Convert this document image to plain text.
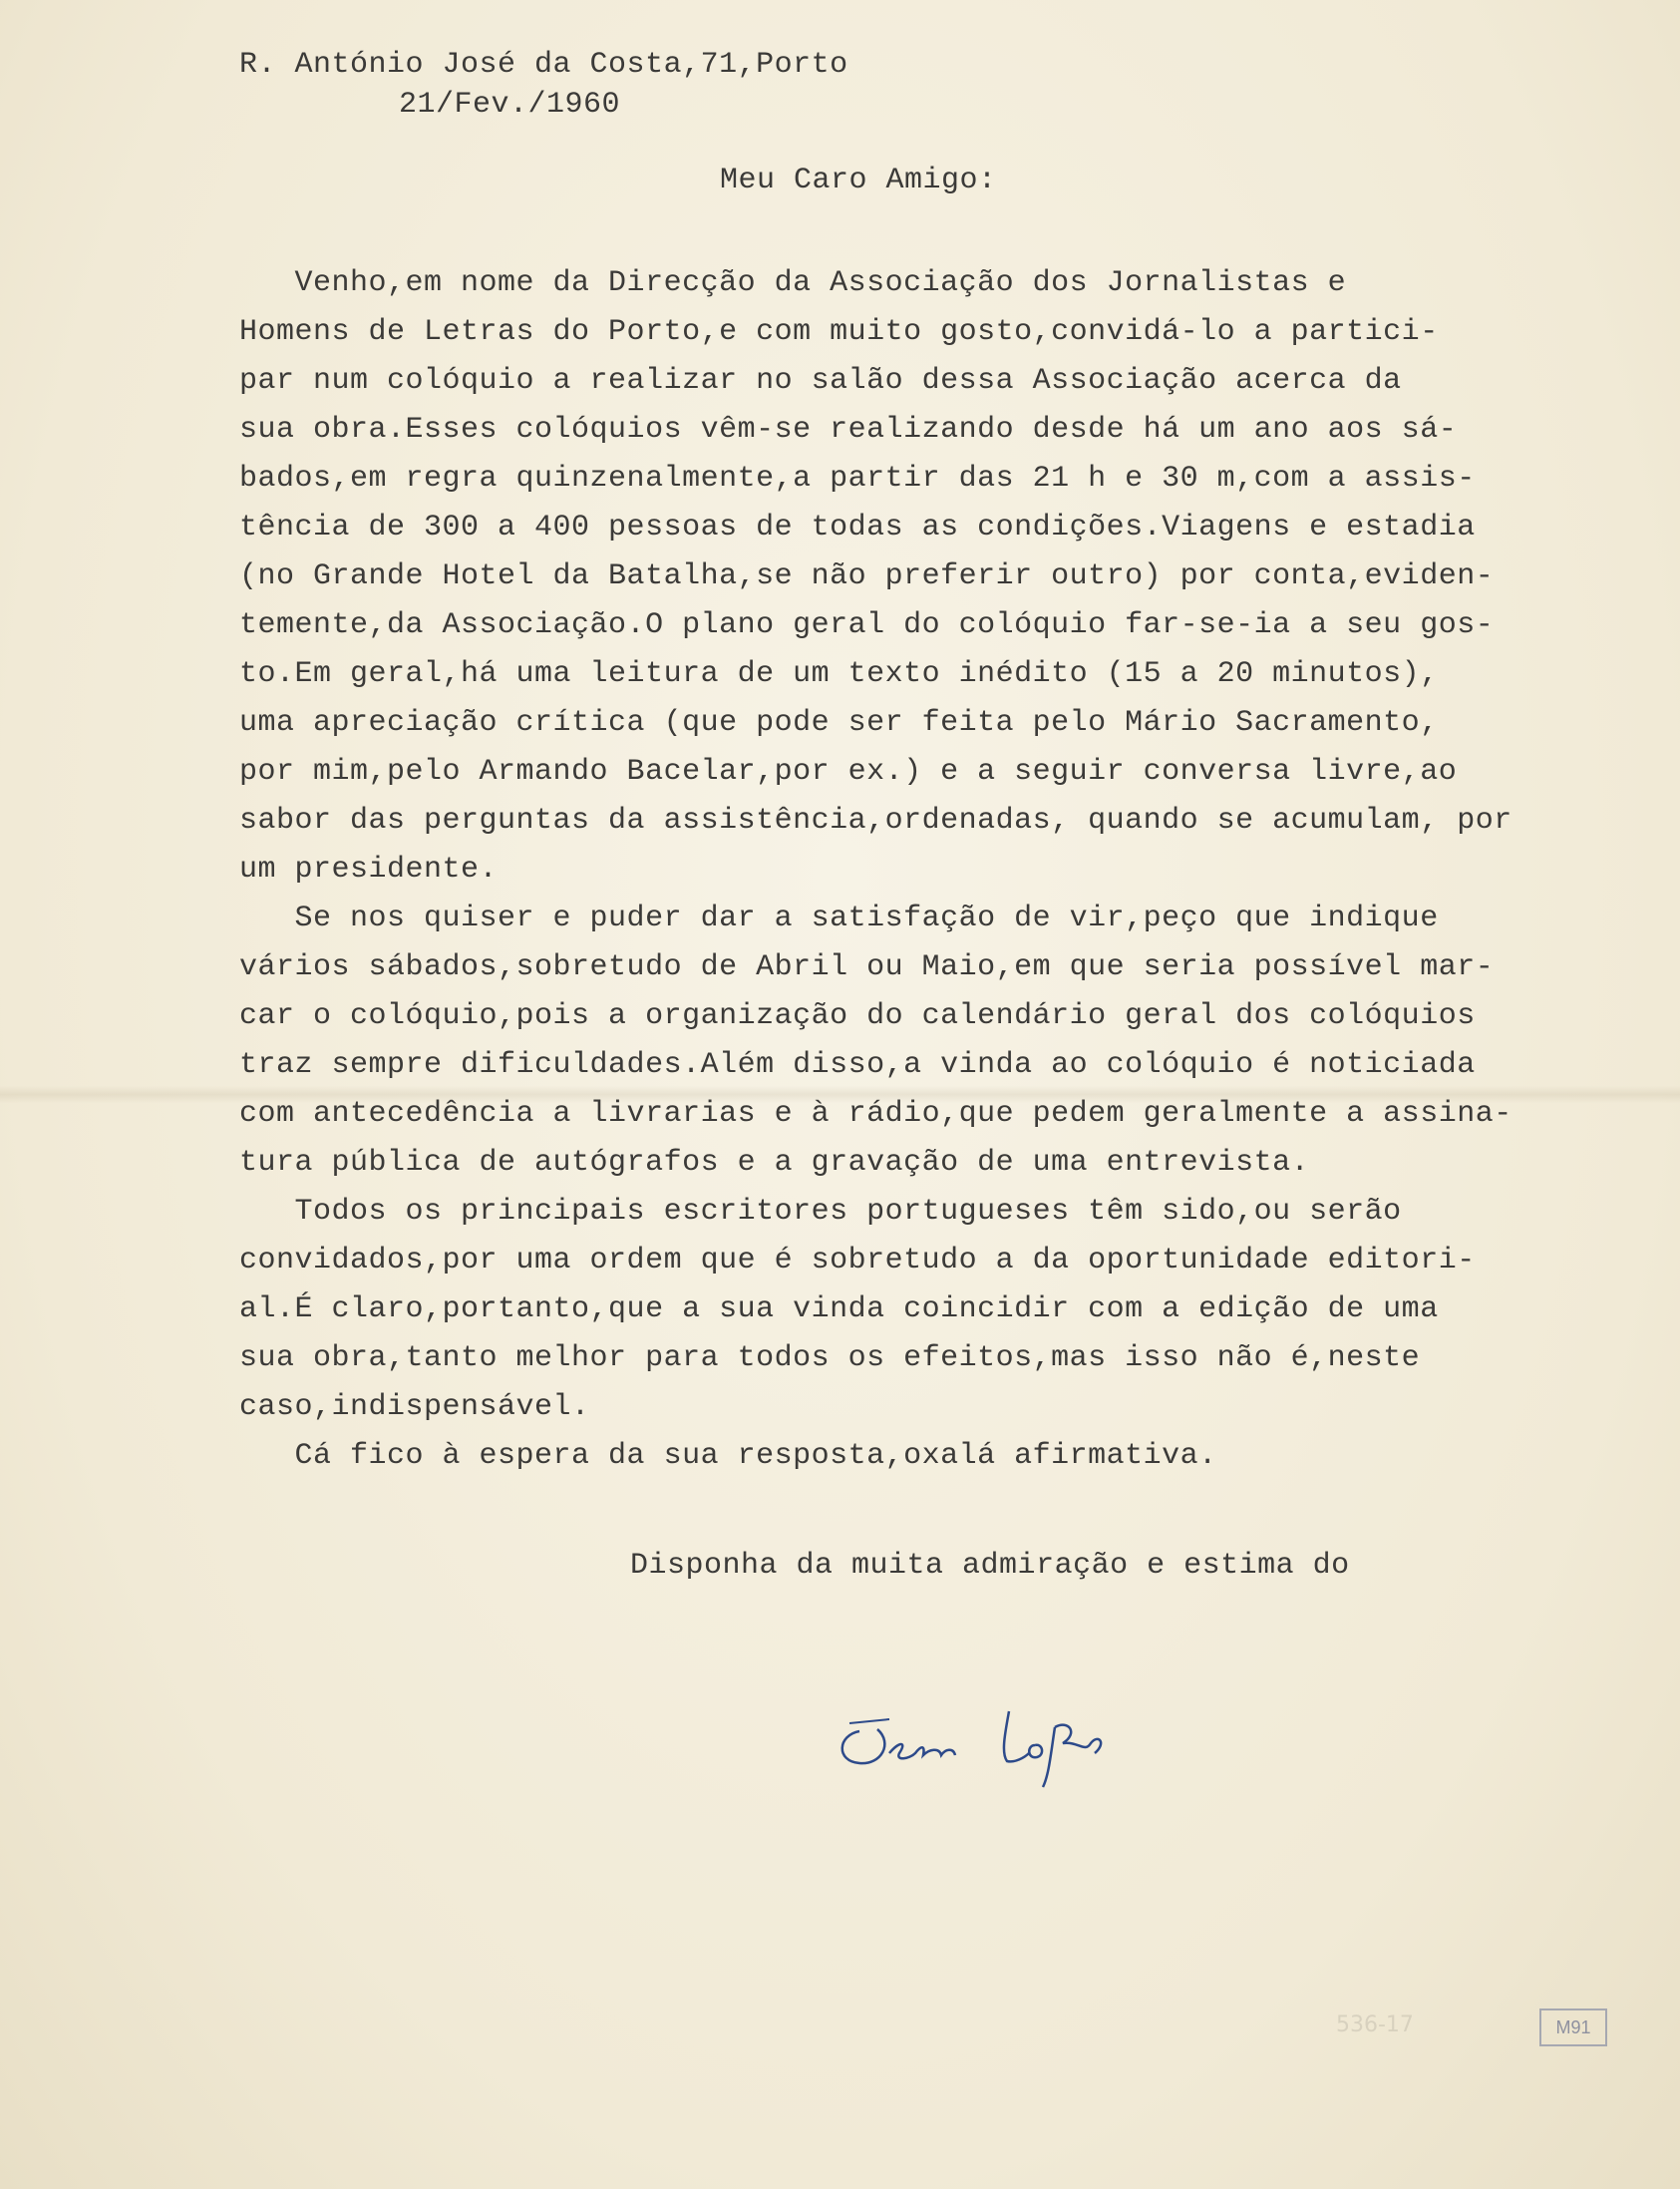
R. António José da Costa,71,Porto
21/Fev./1960
Meu Caro Amigo:
Venho,em nome da Direcção da Associação dos Jornalistas e
Homens de Letras do Porto,e com muito gosto,convidá-lo a partici-
par num colóquio a realizar no salão dessa Associação acerca da
sua obra.Esses colóquios vêm-se realizando desde há um ano aos sá-
bados,em regra quinzenalmente,a partir das 21 h e 30 m,com a assis-
tência de 300 a 400 pessoas de todas as condições.Viagens e estadia
(no Grande Hotel da Batalha,se não preferir outro) por conta,eviden-
temente,da Associação.O plano geral do colóquio far-se-ia a seu gos-
to.Em geral,há uma leitura de um texto inédito (15 a 20 minutos),
uma apreciação crítica (que pode ser feita pelo Mário Sacramento,
por mim,pelo Armando Bacelar,por ex.) e a seguir conversa livre,ao
sabor das perguntas da assistência,ordenadas, quando se acumulam, por
um presidente.
Se nos quiser e puder dar a satisfação de vir,peço que indique
vários sábados,sobretudo de Abril ou Maio,em que seria possível mar-
car o colóquio,pois a organização do calendário geral dos colóquios
traz sempre dificuldades.Além disso,a vinda ao colóquio é noticiada
com antecedência a livrarias e à rádio,que pedem geralmente a assina-
tura pública de autógrafos e a gravação de uma entrevista.
Todos os principais escritores portugueses têm sido,ou serão
convidados,por uma ordem que é sobretudo a da oportunidade editori-
al.É claro,portanto,que a sua vinda coincidir com a edição de uma
sua obra,tanto melhor para todos os efeitos,mas isso não é,neste
caso,indispensável.
Cá fico à espera da sua resposta,oxalá afirmativa.
Disponha da muita admiração e estima do
536-17	M91
